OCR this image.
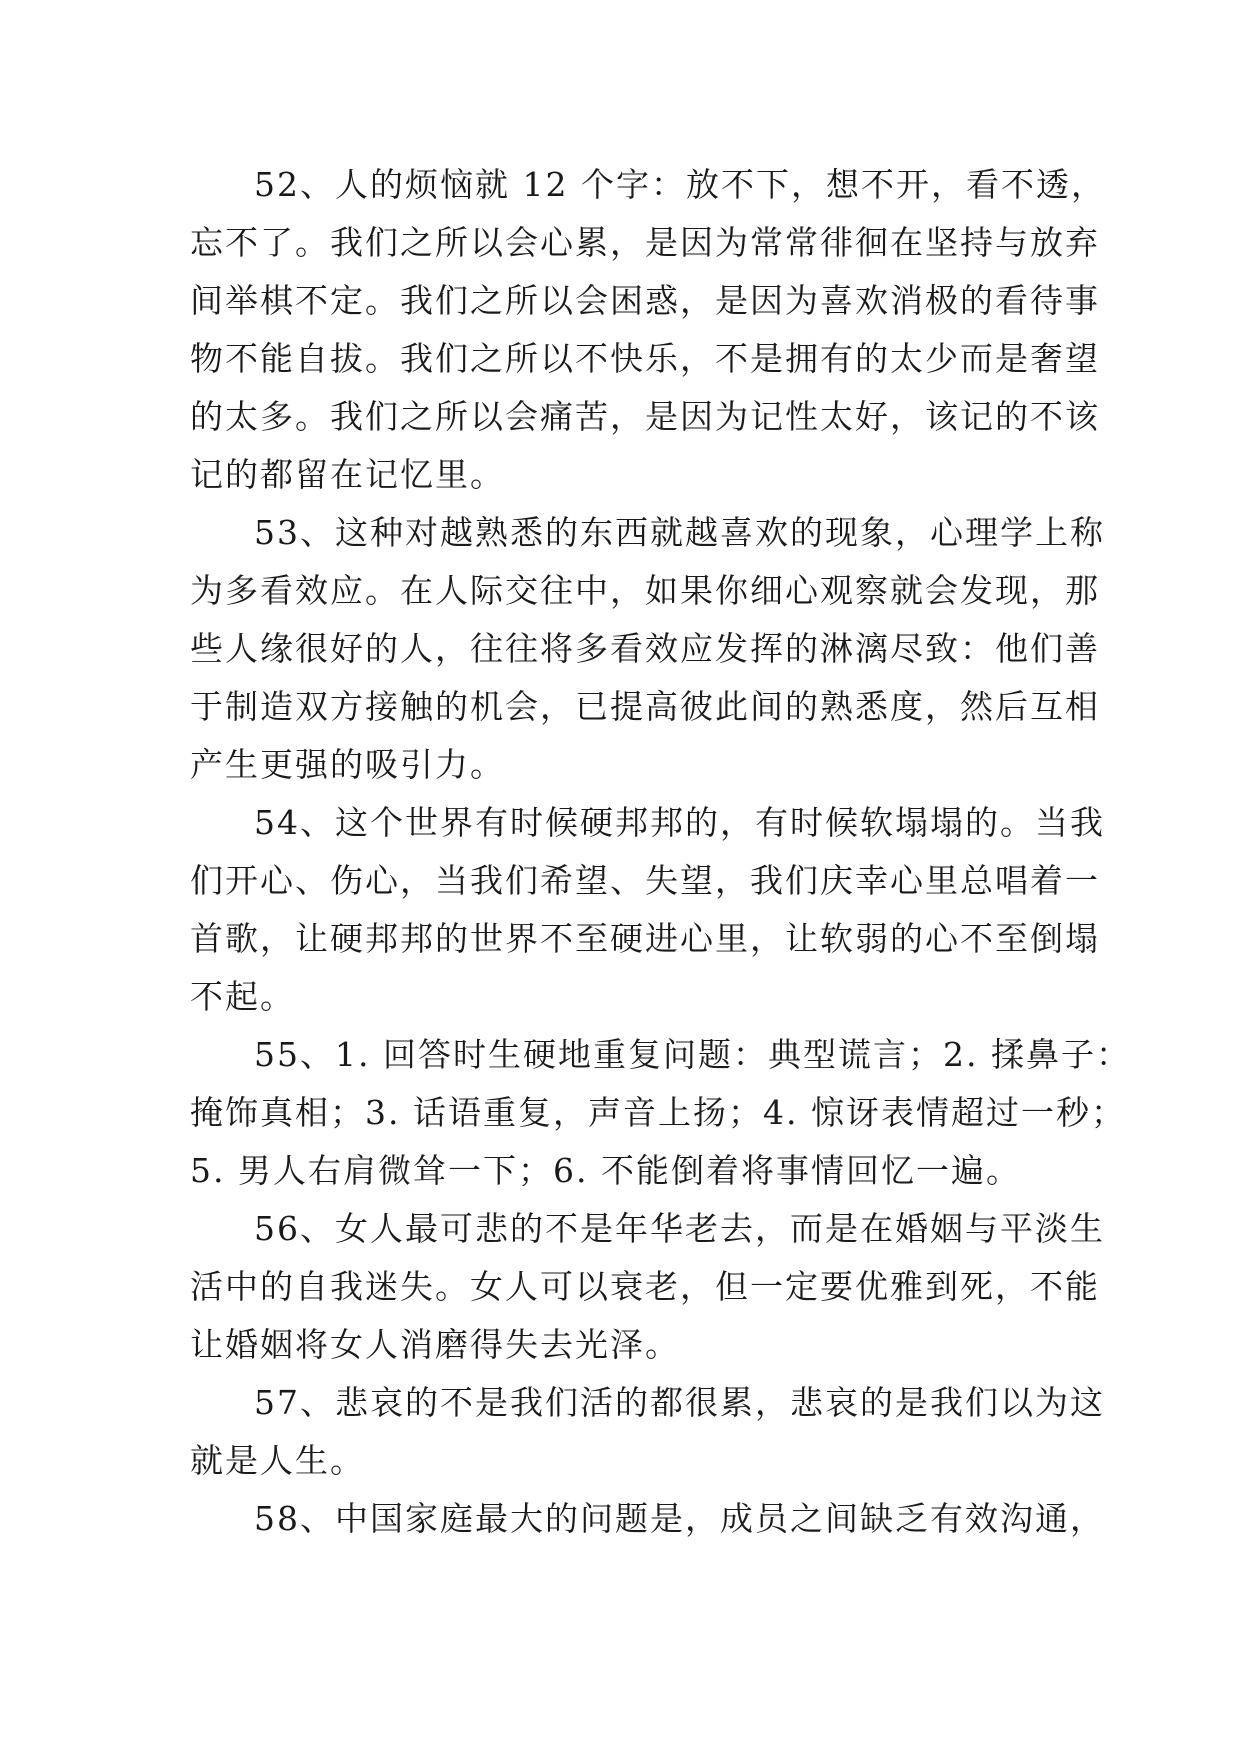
52、人的烦恼就 12 个字：放不下，想不开，看不透，
忘不了。我们之所以会心累，是因为常常徘徊在坚持与放弃
间举棋不定。我们之所以会困惑，是因为喜欢消极的看待事
物不能自拔。我们之所以不快乐，不是拥有的太少而是奢望
的太多。我们之所以会痛苦，是因为记性太好，该记的不该
记的都留在记忆里。
53、这种对越熟悉的东西就越喜欢的现象，心理学上称
为多看效应。在人际交往中，如果你细心观察就会发现，那
些人缘很好的人，往往将多看效应发挥的淋漓尽致：他们善
于制造双方接触的机会，已提高彼此间的熟悉度，然后互相
产生更强的吸引力。
54、这个世界有时候硬邦邦的，有时候软塌塌的。当我
们开心、伤心，当我们希望、失望，我们庆幸心里总唱着一
首歌，让硬邦邦的世界不至硬进心里，让软弱的心不至倒塌
不起。
55、1. 回答时生硬地重复问题：典型谎言；2. 揉鼻子：
掩饰真相；3. 话语重复，声音上扬；4. 惊讶表情超过一秒；
5. 男人右肩微耸一下；6. 不能倒着将事情回忆一遍。
56、女人最可悲的不是年华老去，而是在婚姻与平淡生
活中的自我迷失。女人可以衰老，但一定要优雅到死，不能
让婚姻将女人消磨得失去光泽。
57、悲哀的不是我们活的都很累，悲哀的是我们以为这
就是人生。
58、中国家庭最大的问题是，成员之间缺乏有效沟通，
